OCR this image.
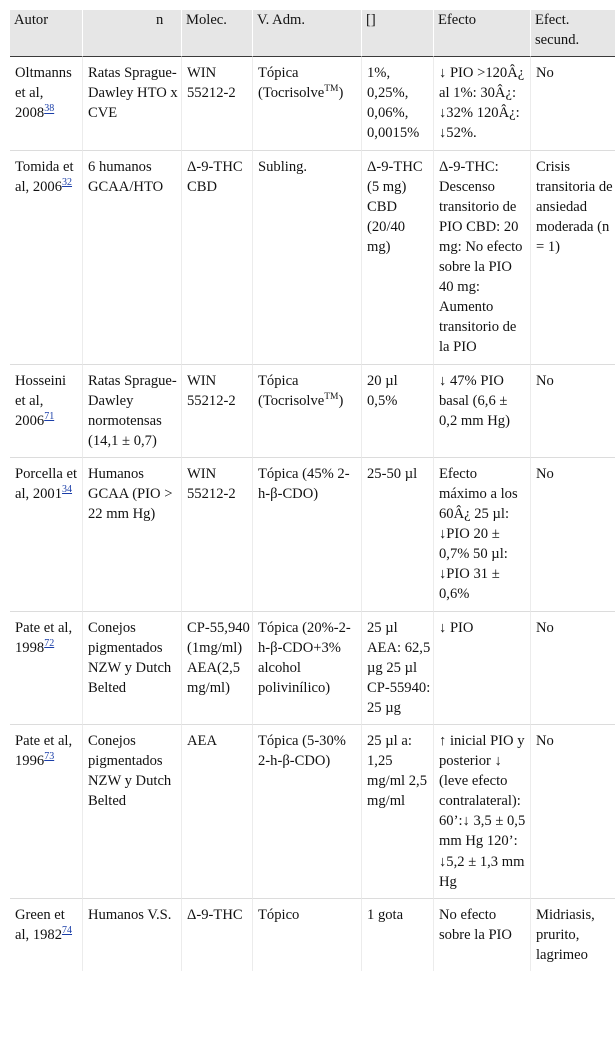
Autor	n	Molec.	V. Adm.	[]	Efecto	Efect.
secund.
Oltmanns et al, 2008$^{38}$	Ratas Sprague-Dawley HTO x CVE	WIN 55212-2	Tópica (Tocrisolve™)	1%, 0,25%, 0,06%, 0,0015%	↓ PIO >120Â¿ al 1%: 30Â¿: ↓32% 120Â¿: ↓52%.	No
Tomida et al, 2006$^{32}$	6 humanos GCAA/HTO	Δ-9-THC CBD	Subling.	Δ-9-THC (5 mg) CBD (20/40 mg)	Δ-9-THC: Descenso transitorio de PIO CBD: 20 mg: No efecto sobre la PIO 40 mg: Aumento transitorio de la PIO	Crisis transitoria de ansiedad moderada (n = 1)
Hosseini et al, 2006$^{71}$	Ratas Sprague-Dawley normotensas (14,1 ± 0,7)	WIN 55212-2	Tópica (Tocrisolve™)	20 µl 0,5%	↓ 47% PIO basal (6,6 ± 0,2 mm Hg)	No
Porcella et al, 2001$^{34}$	Humanos GCAA (PIO > 22 mm Hg)	WIN 55212-2	Tópica (45% 2-h-β-CDO)	25-50 µl	Efecto máximo a los 60Â¿ 25 µl: ↓PIO 20 ± 0,7% 50 µl: ↓PIO 31 ± 0,6%	No
Pate et al, 1998$^{72}$	Conejos pigmentados NZW y Dutch Belted	CP-55,940 (1mg/ml) AEA(2,5 mg/ml)	Tópica (20%-2-h-β-CDO+3% alcohol polivinílico)	25 µl AEA: 62,5 µg 25 µl CP-55940: 25 µg	↓ PIO	No
Pate et al, 1996$^{73}$	Conejos pigmentados NZW y Dutch Belted	AEA	Tópica (5-30% 2-h-β-CDO)	25 µl a: 1,25 mg/ml 2,5 mg/ml	↑ inicial PIO y posterior ↓ (leve efecto contralateral): 60’:↓ 3,5 ± 0,5 mm Hg 120’: ↓5,2 ± 1,3 mm Hg	No
Green et al, 1982$^{74}$	Humanos V.S.	Δ-9-THC	Tópico	1 gota	No efecto sobre la PIO	Midriasis, prurito, lagrimeo
